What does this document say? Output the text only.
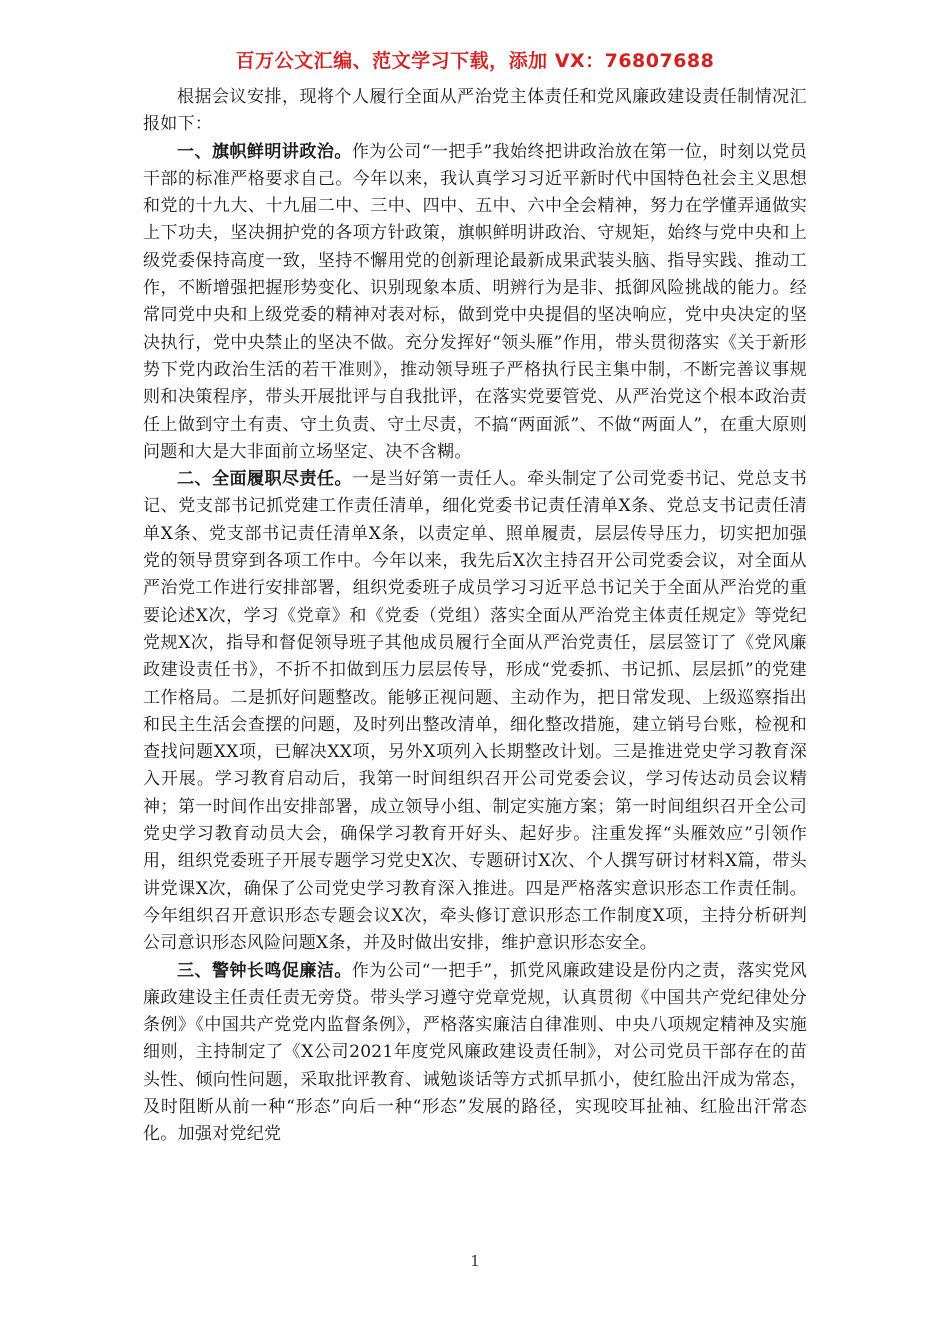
百万公文汇编、范文学习下载，添加 VX：76807688

根据会议安排，现将个人履行全面从严治党主体责任和党风廉政建设责任制情况汇报如下：

一、旗帜鲜明讲政治。作为公司“一把手”我始终把讲政治放在第一位，时刻以党员干部的标准严格要求自己。今年以来，我认真学习习近平新时代中国特色社会主义思想和党的十九大、十九届二中、三中、四中、五中、六中全会精神，努力在学懂弄通做实上下功夫，坚决拥护党的各项方针政策，旗帜鲜明讲政治、守规矩，始终与党中央和上级党委保持高度一致，坚持不懈用党的创新理论最新成果武装头脑、指导实践、推动工作，不断增强把握形势变化、识别现象本质、明辨行为是非、抵御风险挑战的能力。经常同党中央和上级党委的精神对表对标，做到党中央提倡的坚决响应，党中央决定的坚决执行，党中央禁止的坚决不做。充分发挥好“领头雁”作用，带头贯彻落实《关于新形势下党内政治生活的若干准则》，推动领导班子严格执行民主集中制，不断完善议事规则和决策程序，带头开展批评与自我批评，在落实党要管党、从严治党这个根本政治责任上做到守土有责、守土负责、守土尽责，不搞“两面派”、不做“两面人”，在重大原则问题和大是大非面前立场坚定、决不含糊。

二、全面履职尽责任。一是当好第一责任人。牵头制定了公司党委书记、党总支书记、党支部书记抓党建工作责任清单，细化党委书记责任清单X条、党总支书记责任清单X条、党支部书记责任清单X条，以责定单、照单履责，层层传导压力，切实把加强党的领导贯穿到各项工作中。今年以来，我先后X次主持召开公司党委会议，对全面从严治党工作进行安排部署，组织党委班子成员学习习近平总书记关于全面从严治党的重要论述X次，学习《党章》和《党委（党组）落实全面从严治党主体责任规定》等党纪党规X次，指导和督促领导班子其他成员履行全面从严治党责任，层层签订了《党风廉政建设责任书》，不折不扣做到压力层层传导，形成“党委抓、书记抓、层层抓”的党建工作格局。二是抓好问题整改。能够正视问题、主动作为，把日常发现、上级巡察指出和民主生活会查摆的问题，及时列出整改清单，细化整改措施，建立销号台账，检视和查找问题XX项，已解决XX项，另外X项列入长期整改计划。三是推进党史学习教育深入开展。学习教育启动后，我第一时间组织召开公司党委会议，学习传达动员会议精神；第一时间作出安排部署，成立领导小组、制定实施方案；第一时间组织召开全公司党史学习教育动员大会，确保学习教育开好头、起好步。注重发挥“头雁效应”引领作用，组织党委班子开展专题学习党史X次、专题研讨X次、个人撰写研讨材料X篇，带头讲党课X次，确保了公司党史学习教育深入推进。四是严格落实意识形态工作责任制。今年组织召开意识形态专题会议X次，牵头修订意识形态工作制度X项，主持分析研判公司意识形态风险问题X条，并及时做出安排，维护意识形态安全。

三、警钟长鸣促廉洁。作为公司“一把手”，抓党风廉政建设是份内之责，落实党风廉政建设主任责任责无旁贷。带头学习遵守党章党规，认真贯彻《中国共产党纪律处分条例》《中国共产党党内监督条例》，严格落实廉洁自律准则、中央八项规定精神及实施细则，主持制定了《X公司2021年度党风廉政建设责任制》，对公司党员干部存在的苗头性、倾向性问题，采取批评教育、诫勉谈话等方式抓早抓小，使红脸出汗成为常态，及时阻断从前一种“形态”向后一种“形态”发展的路径，实现咬耳扯袖、红脸出汗常态化。加强对党纪党

1
